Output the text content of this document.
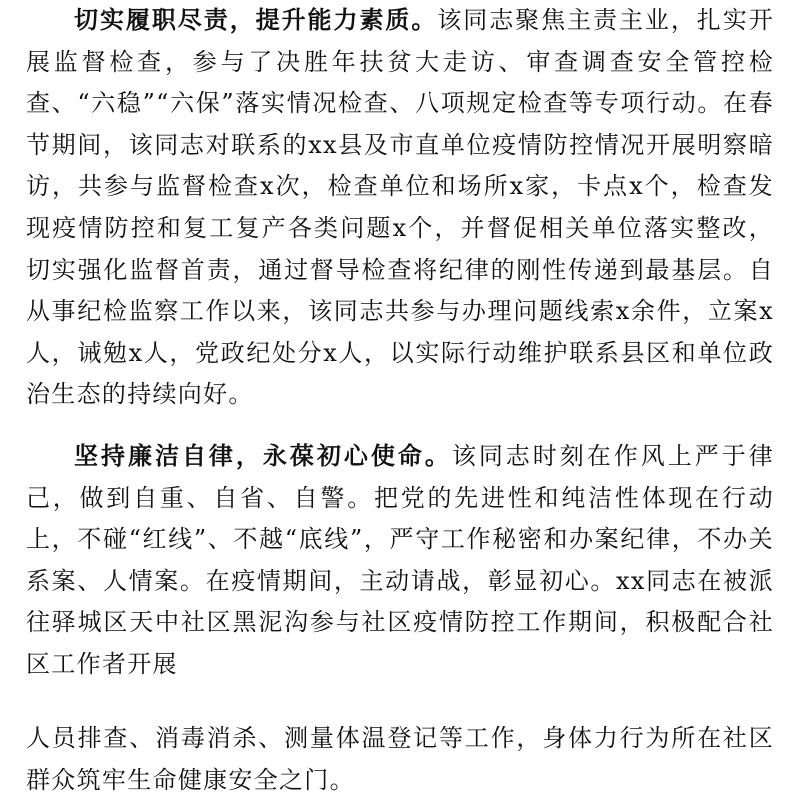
切实履职尽责，提升能力素质。该同志聚焦主责主业，扎实开展监督检查，参与了决胜年扶贫大走访、审查调查安全管控检查、“六稳”“六保”落实情况检查、八项规定检查等专项行动。在春节期间，该同志对联系的xx县及市直单位疫情防控情况开展明察暗访，共参与监督检查x次，检查单位和场所x家，卡点x个，检查发现疫情防控和复工复产各类问题x个，并督促相关单位落实整改，切实强化监督首责，通过督导检查将纪律的刚性传递到最基层。自从事纪检监察工作以来，该同志共参与办理问题线索x余件，立案x人，诫勉x人，党政纪处分x人，以实际行动维护联系县区和单位政治生态的持续向好。

坚持廉洁自律，永葆初心使命。该同志时刻在作风上严于律己，做到自重、自省、自警。把党的先进性和纯洁性体现在行动上，不碰“红线”、不越“底线”，严守工作秘密和办案纪律，不办关系案、人情案。在疫情期间，主动请战，彰显初心。xx同志在被派往驿城区天中社区黑泥沟参与社区疫情防控工作期间，积极配合社区工作者开展

人员排查、消毒消杀、测量体温登记等工作，身体力行为所在社区群众筑牢生命健康安全之门。
